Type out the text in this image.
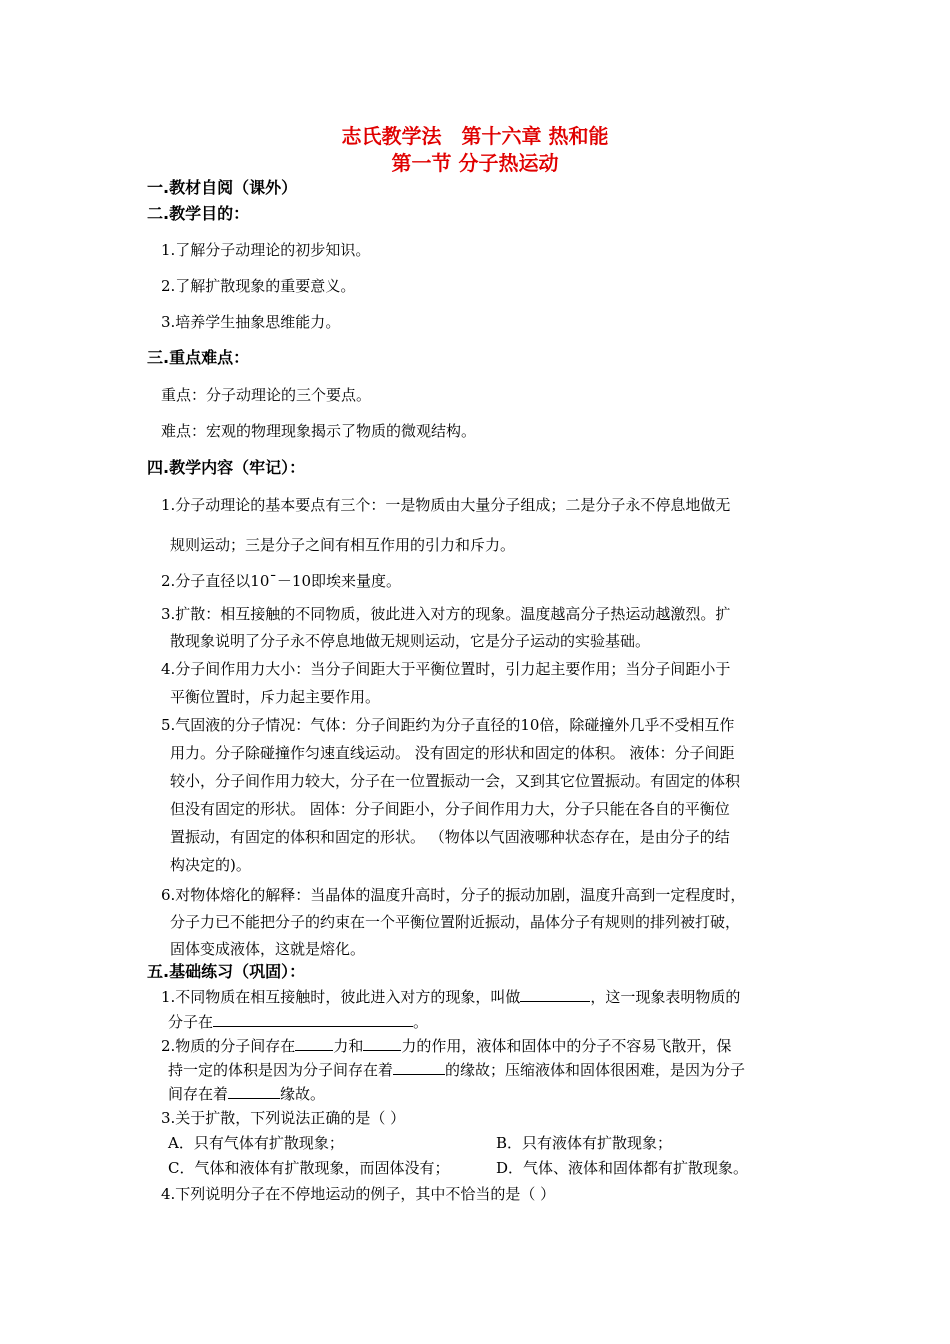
志氏教学法　第十六章 热和能
第一节 分子热运动
一.教材自阅（课外）
二.教学目的：
1.了解分子动理论的初步知识。
2.了解扩散现象的重要意义。
3.培养学生抽象思维能力。
三.重点难点：
重点：分子动理论的三个要点。
难点：宏观的物理现象揭示了物质的微观结构。
四.教学内容（牢记）：
1.分子动理论的基本要点有三个：一是物质由大量分子组成；二是分子永不停息地做无
规则运动；三是分子之间有相互作用的引力和斥力。
2.分子直径以10ˉ－10即埃来量度。
3.扩散：相互接触的不同物质，彼此进入对方的现象。温度越高分子热运动越激烈。扩
散现象说明了分子永不停息地做无规则运动，它是分子运动的实验基础。
4.分子间作用力大小：当分子间距大于平衡位置时，引力起主要作用；当分子间距小于
平衡位置时，斥力起主要作用。
5.气固液的分子情况：气体：分子间距约为分子直径的10倍，除碰撞外几乎不受相互作
用力。分子除碰撞作匀速直线运动。 没有固定的形状和固定的体积。 液体：分子间距
较小，分子间作用力较大，分子在一位置振动一会，又到其它位置振动。有固定的体积
但没有固定的形状。 固体：分子间距小，分子间作用力大，分子只能在各自的平衡位
置振动，有固定的体积和固定的形状。 （物体以气固液哪种状态存在，是由分子的结
构决定的)。
6.对物体熔化的解释：当晶体的温度升高时，分子的振动加剧，温度升高到一定程度时，
分子力已不能把分子的约束在一个平衡位置附近振动，晶体分子有规则的排列被打破，
固体变成液体，这就是熔化。
五.基础练习（巩固）：
1.不同物质在相互接触时，彼此进入对方的现象，叫做	，这一现象表明物质的
分子在	。
2.物质的分子间存在	力和	力的作用，液体和固体中的分子不容易飞散开，保
持一定的体积是因为分子间存在着	的缘故；压缩液体和固体很困难，是因为分子
间存在着	缘故。
3.关于扩散，下列说法正确的是（ ）
A．只有气体有扩散现象；	B．只有液体有扩散现象；
C．气体和液体有扩散现象，而固体没有；	D．气体、液体和固体都有扩散现象。
4.下列说明分子在不停地运动的例子，其中不恰当的是（ ）
